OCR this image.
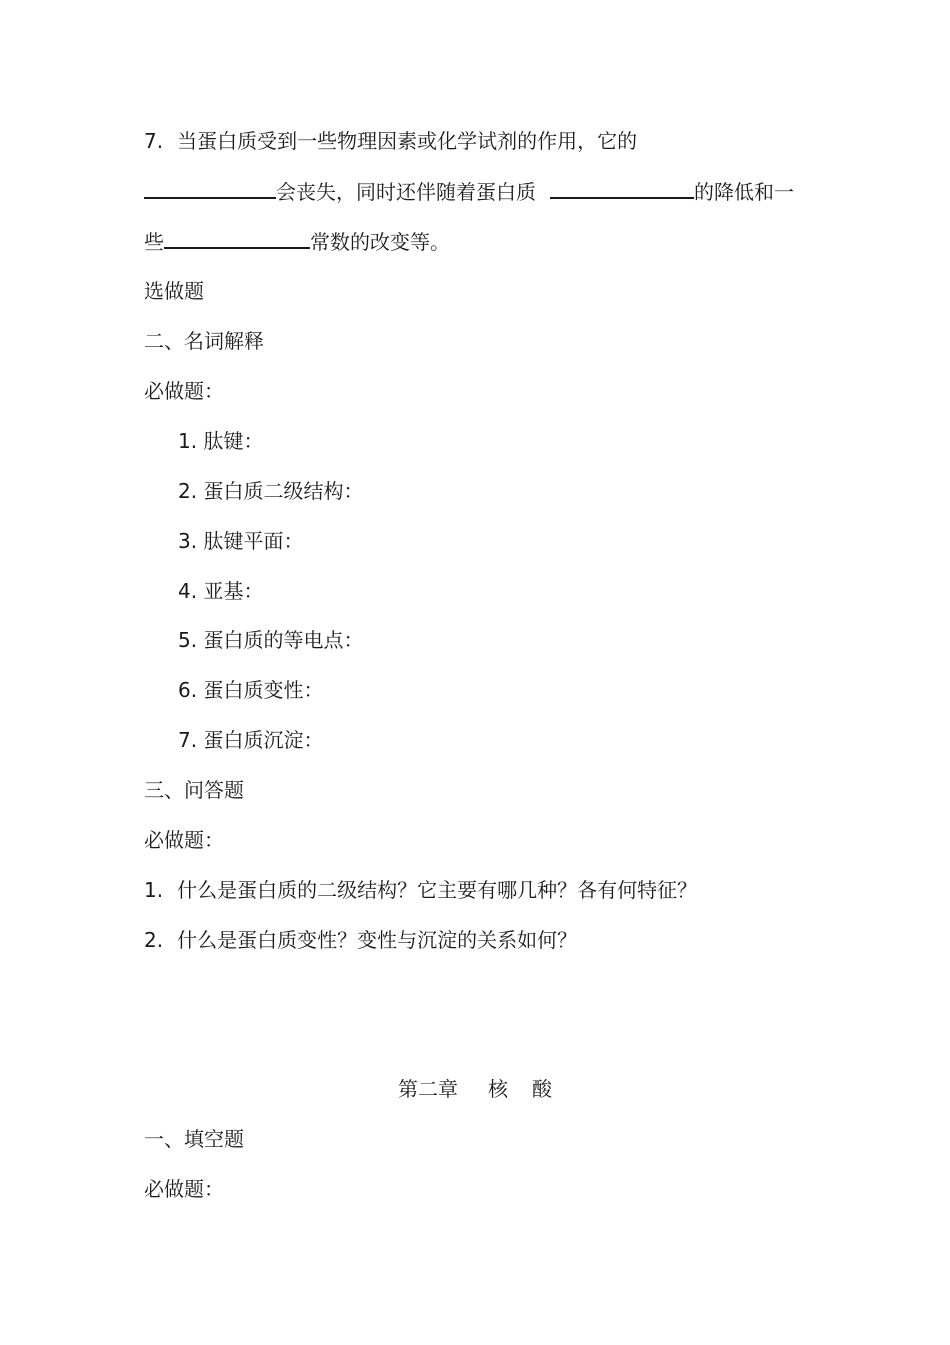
7. 当蛋白质受到一些物理因素或化学试剂的作用，它的
会丧失，同时还伴随着蛋白质	的降低和一
些	常数的改变等。
选做题
二、名词解释
必做题：
1. 肽键：
2. 蛋白质二级结构：
3. 肽键平面：
4. 亚基：
5. 蛋白质的等电点：
6. 蛋白质变性：
7. 蛋白质沉淀：
三、问答题
必做题：
1. 什么是蛋白质的二级结构？它主要有哪几种？各有何特征？
2. 什么是蛋白质变性？变性与沉淀的关系如何？
第二章 核 酸
一、填空题
必做题：
